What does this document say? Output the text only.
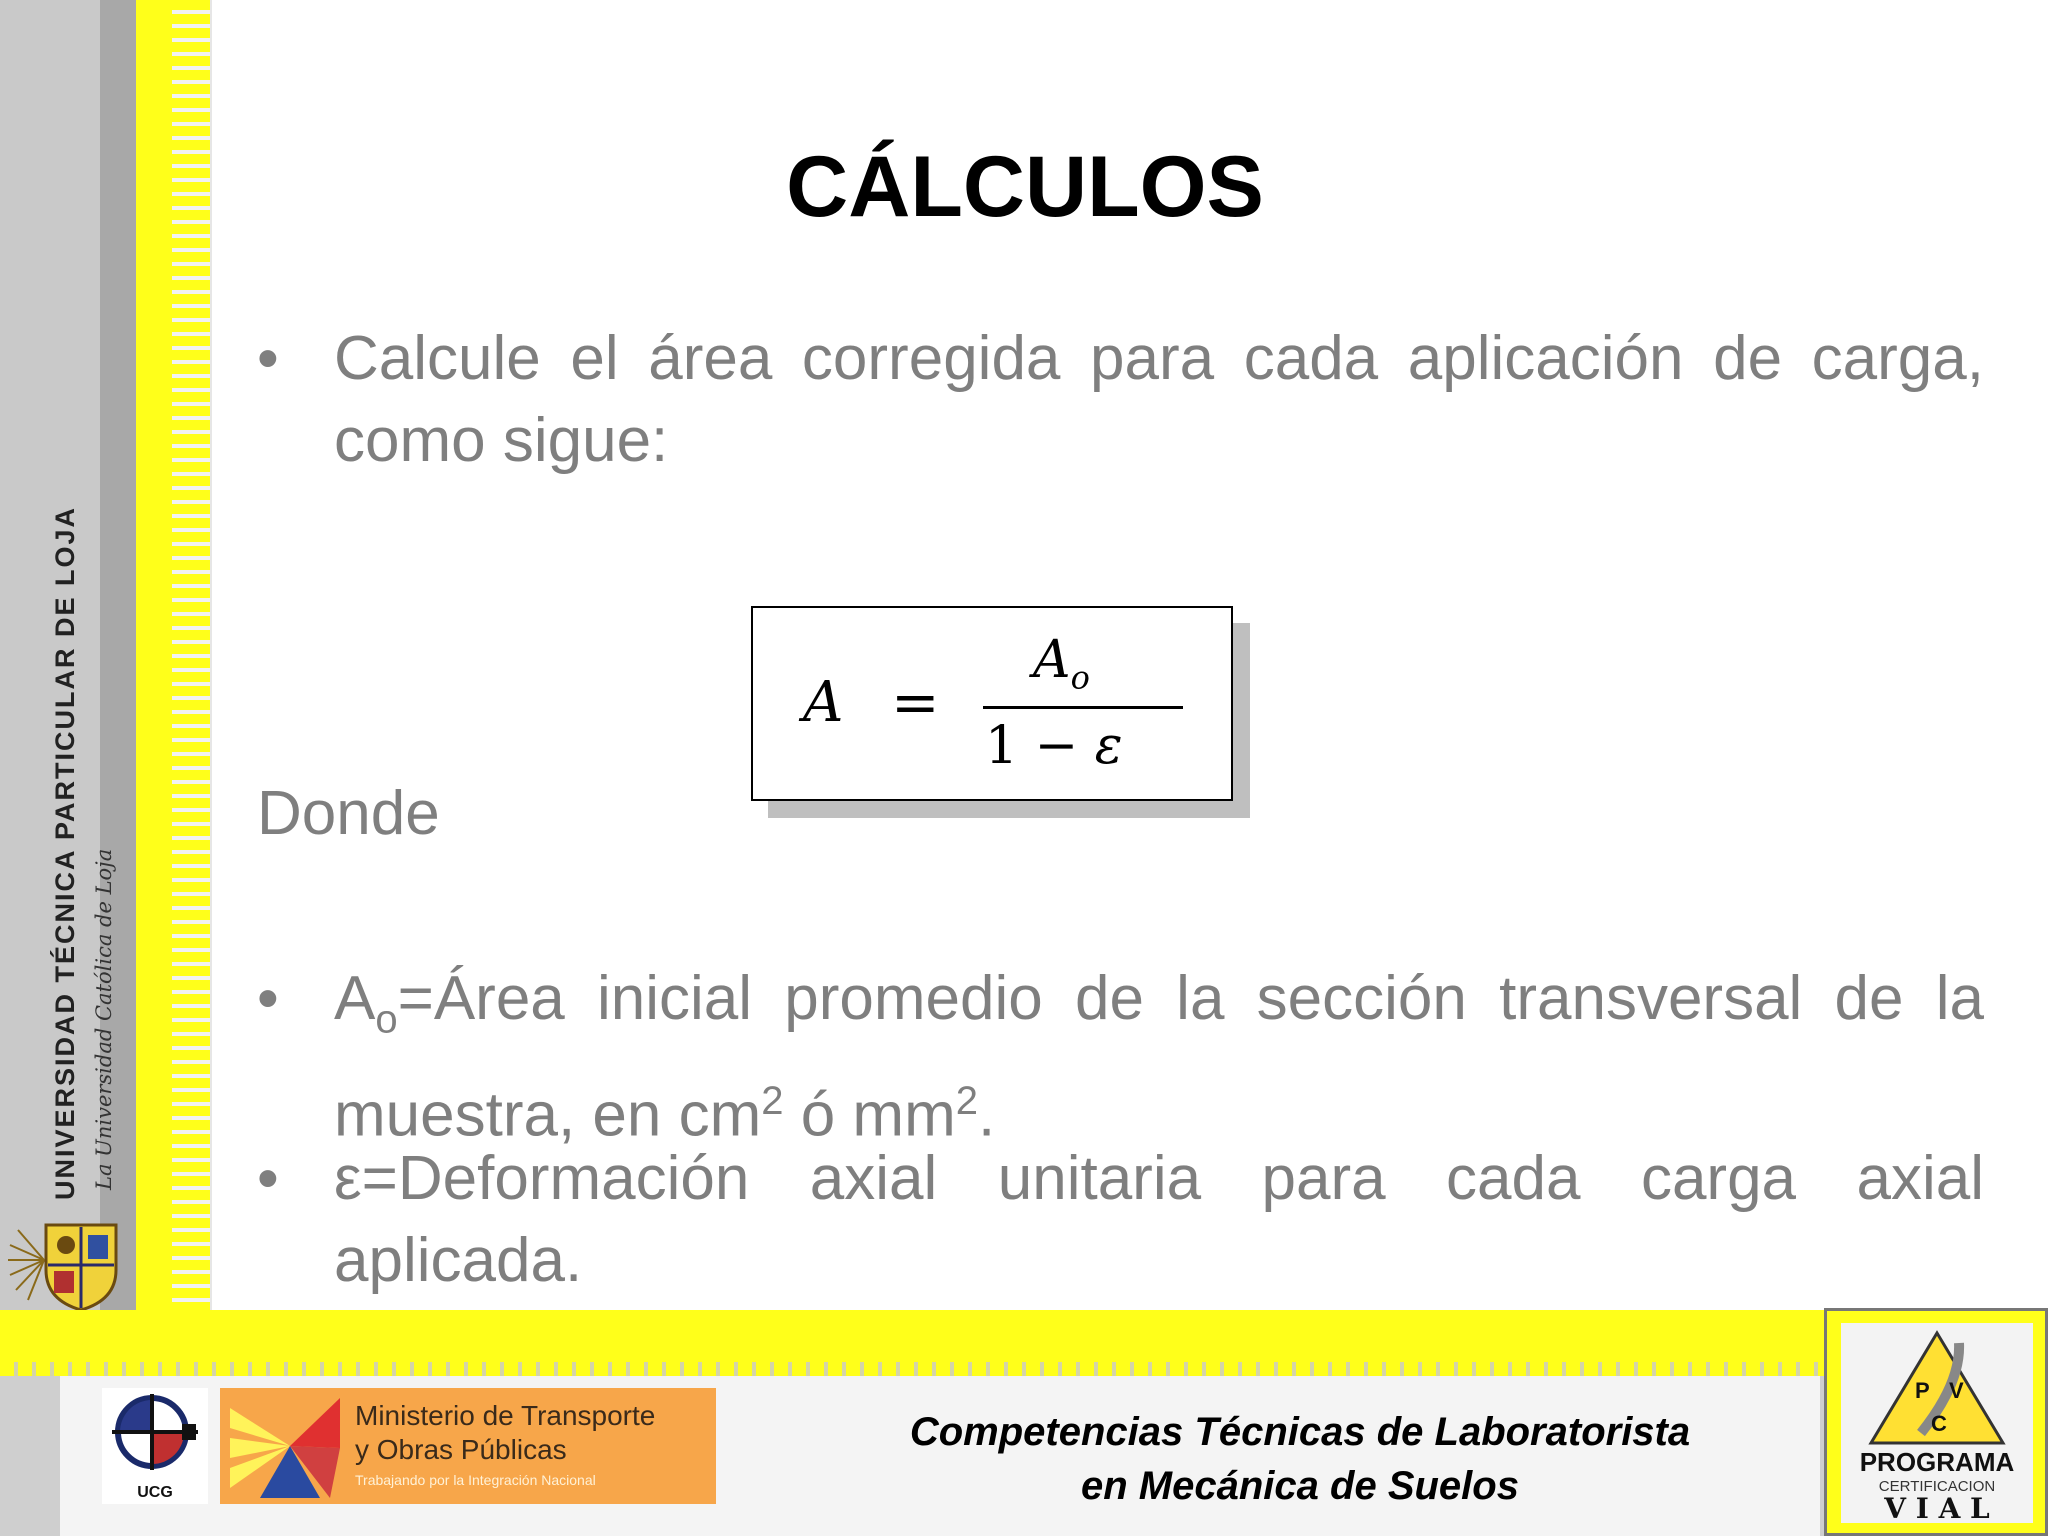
UNIVERSIDAD TÉCNICA PARTICULAR DE LOJA La Universidad Católica de Loja
CÁLCULOS
• Calcule el área corregida para cada aplicación de carga, como sigue:
A =
$A_o$
1 − ε
Donde
• $A_o=Área$ inicial promedio de la sección transversal de la muestra, en $cm^2$ ó $mm^2$.
• ε=Deformación axial unitaria para cada carga axial aplicada.
UCG
Ministerio de Transporte
y Obras Públicas
Trabajando por la Integración Nacional
Competencias Técnicas de Laboratorista
en Mecánica de Suelos
P V
C
PROGRAMA
CERTIFICACION
V I A L
